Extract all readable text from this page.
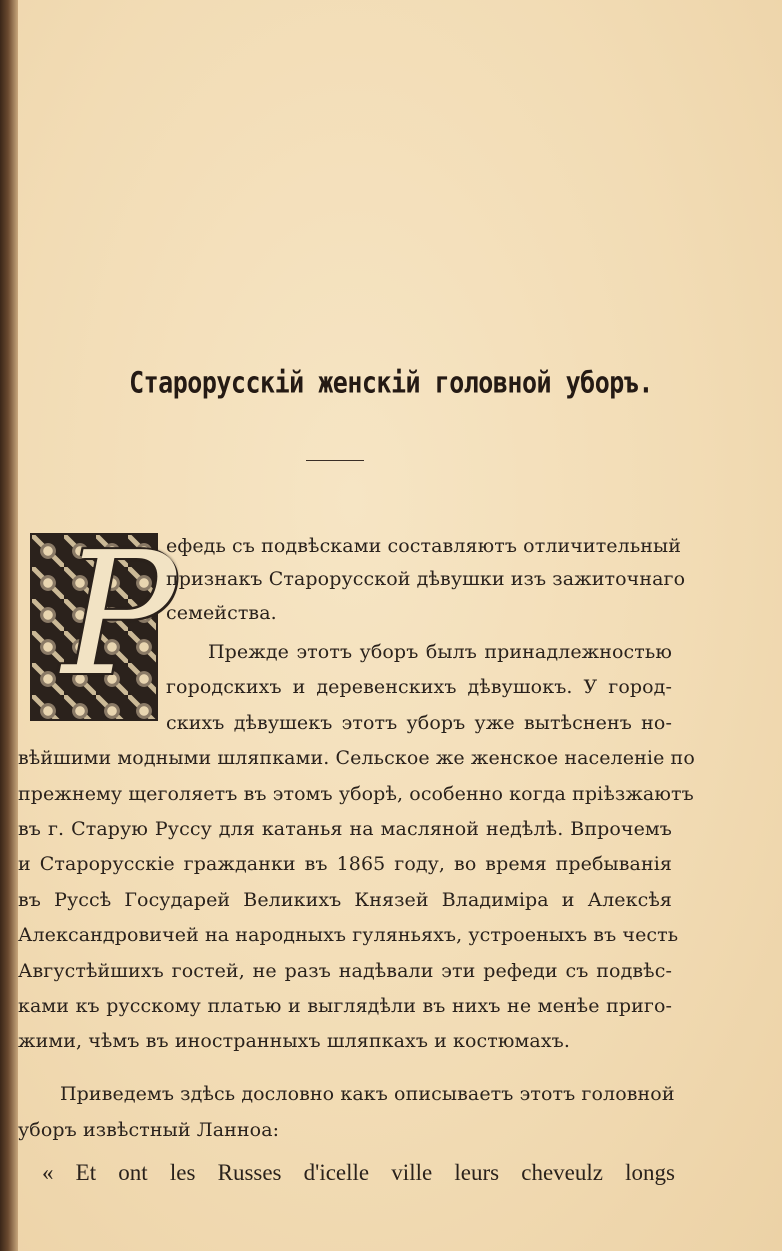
Старорусскій женскій головной уборъ.
Р

ефедь съ подвѣсками составляютъ отличительный

признакъ Старорусской дѣвушки изъ зажиточнаго

семейства.

Прежде этотъ уборъ былъ принадлежностью

городскихъ и деревенскихъ дѣвушокъ. У город-

скихъ дѣвушекъ этотъ уборъ уже вытѣсненъ но-

вѣйшими модными шляпками. Сельское же женское населеніе по

прежнему щеголяетъ въ этомъ уборѣ, особенно когда пріѣзжаютъ

въ г. Старую Руссу для катанья на масляной недѣлѣ. Впрочемъ

и Старорусскіе гражданки въ 1865 году, во время пребыванія

въ Руссѣ Государей Великихъ Князей Владиміра и Алексѣя

Александровичей на народныхъ гуляньяхъ, устроеныхъ въ честь

Августѣйшихъ гостей, не разъ надѣвали эти рефеди съ подвѣс-

ками къ русскому платью и выглядѣли въ нихъ не менѣе пригo-

жими, чѣмъ въ иностранныхъ шляпкахъ и костюмахъ.

Приведемъ здѣсь дословно какъ описываетъ этотъ головной

уборъ извѣстный Ланноа:

« Et ont les Russes d'icelle ville leurs cheveulz longs
